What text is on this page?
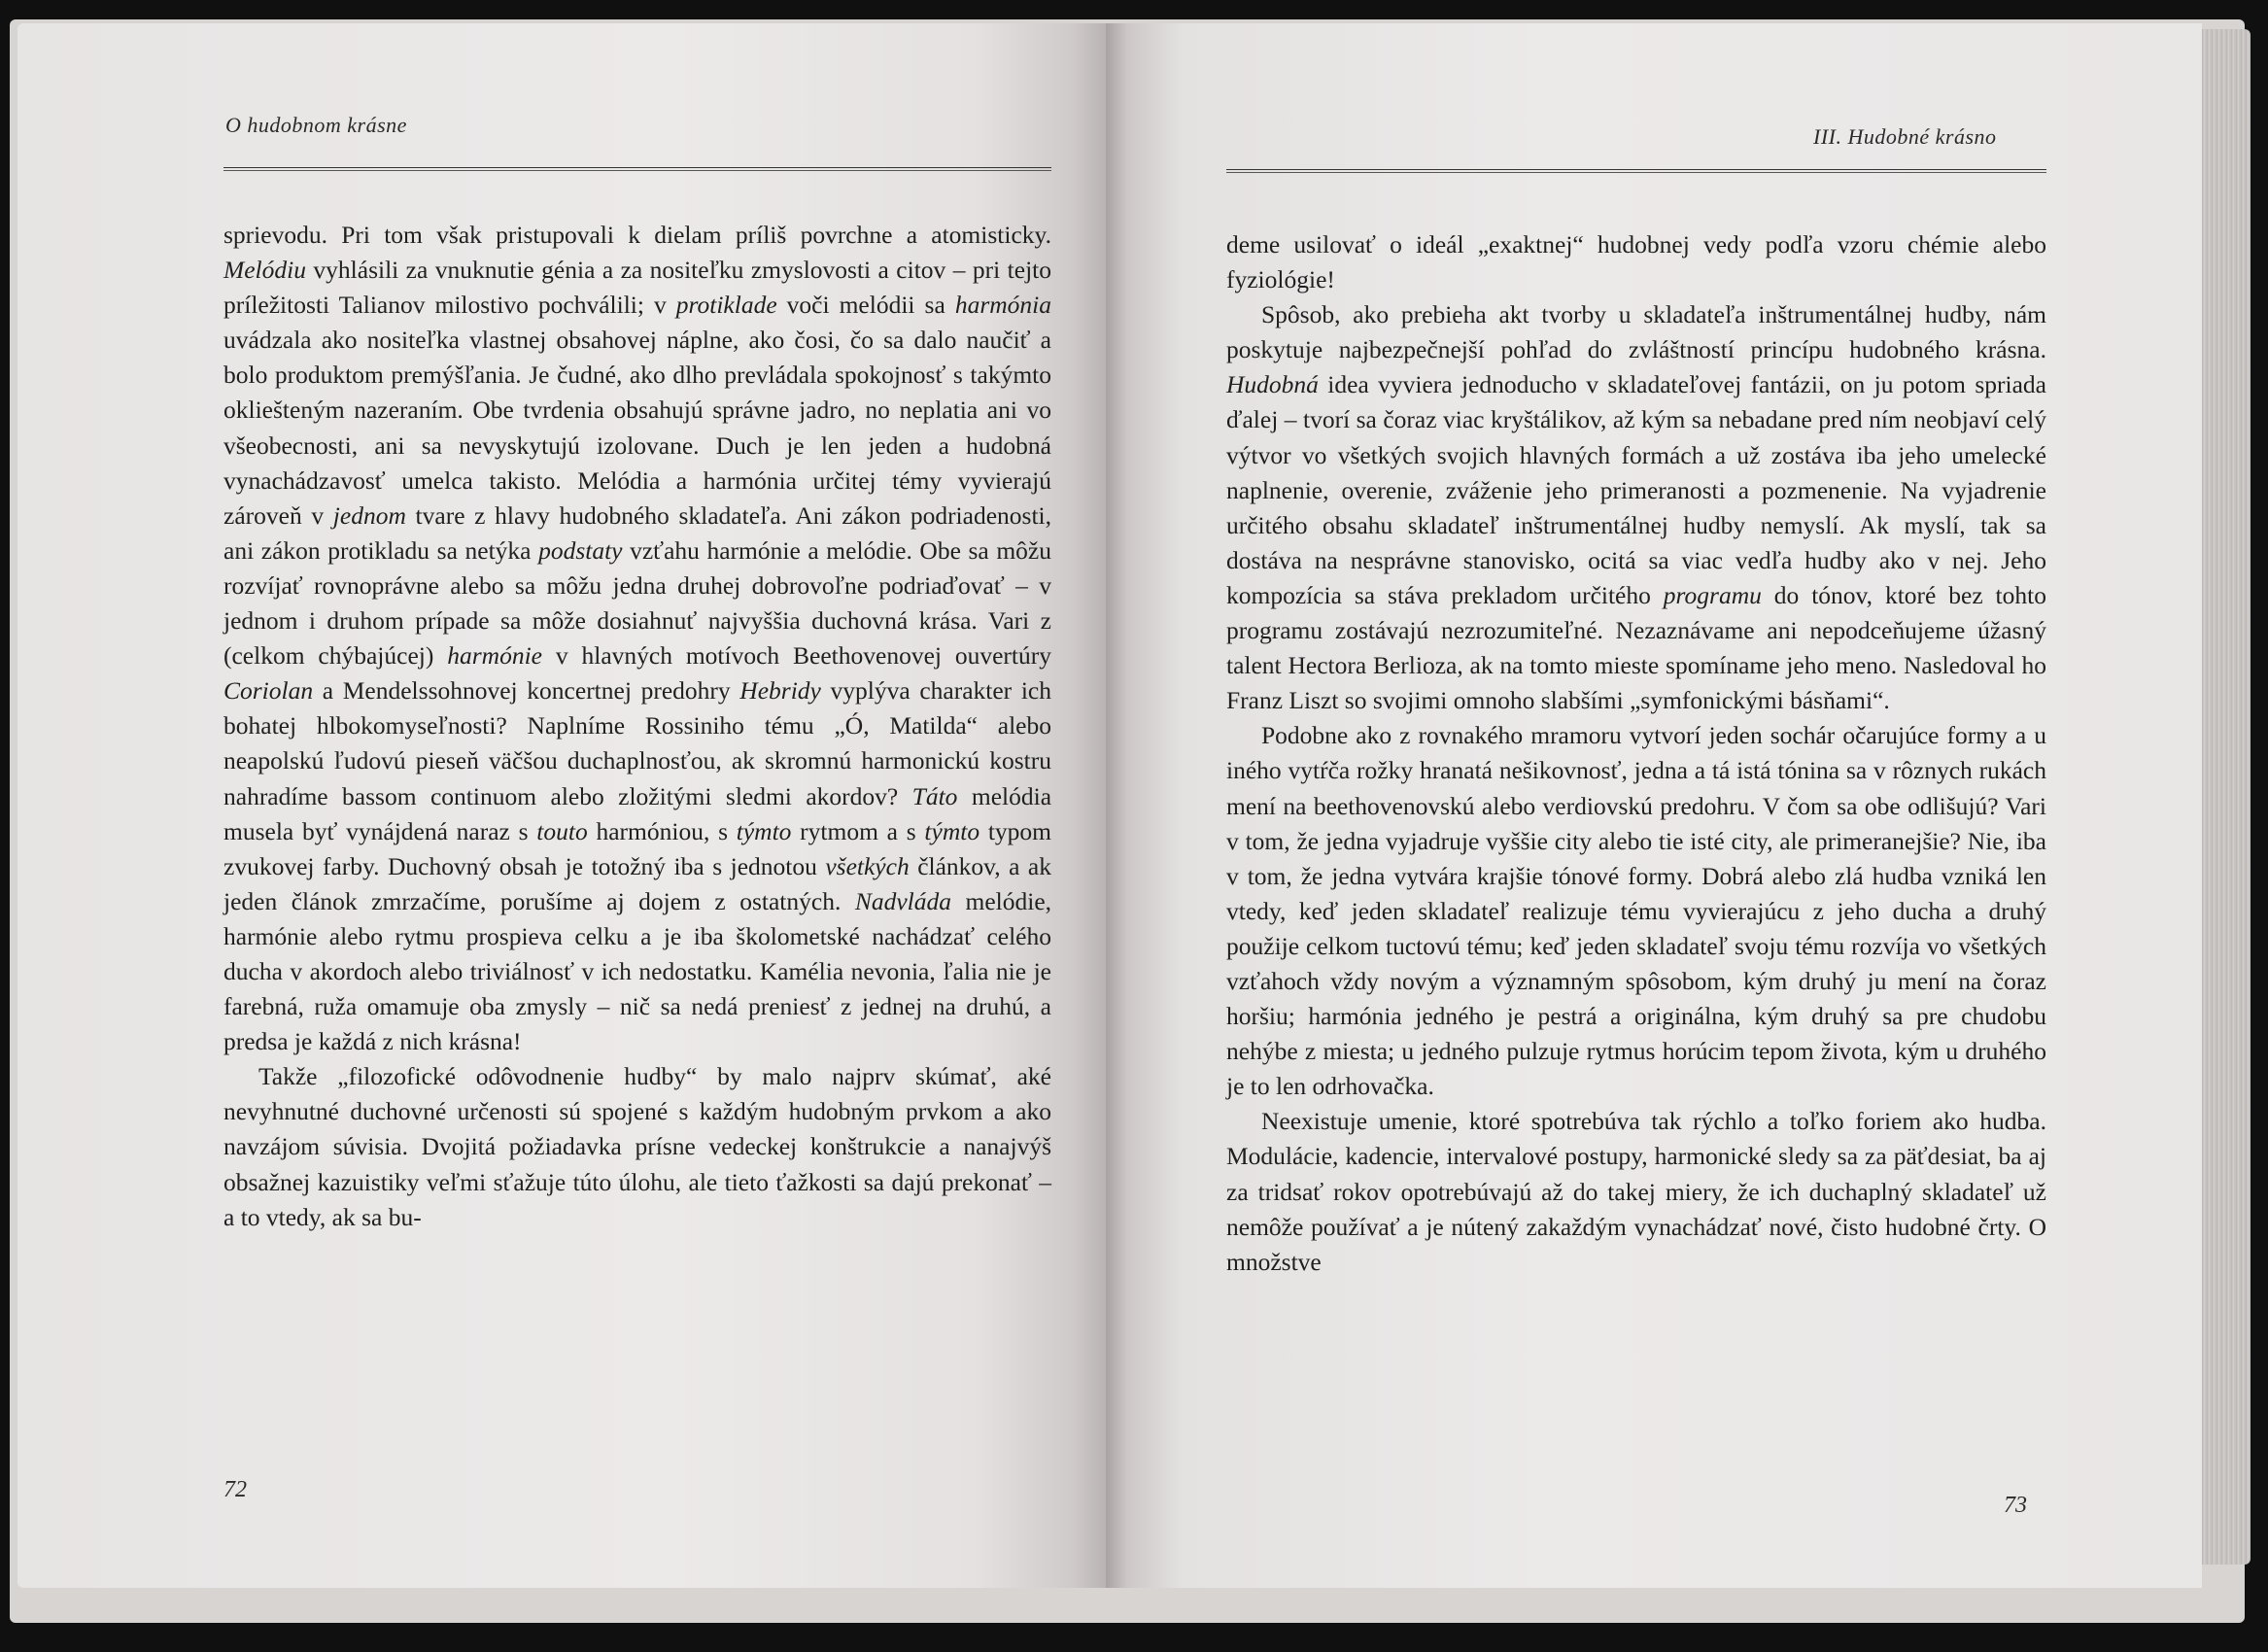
O hudobnom krásne

sprievodu. Pri tom však pristupovali k dielam príliš povrchne a atomisticky. Melódiu vyhlásili za vnuknutie génia a za nositeľku zmyslovosti a citov – pri tejto príležitosti Talianov milostivo pochválili; v protiklade voči melódii sa harmónia uvádzala ako nositeľka vlastnej obsahovej náplne, ako čosi, čo sa dalo naučiť a bolo produktom premýšľania. Je čudné, ako dlho prevládala spokojnosť s takýmto okliešteným nazeraním. Obe tvrdenia obsahujú správne jadro, no neplatia ani vo všeobecnosti, ani sa nevyskytujú izolovane. Duch je len jeden a hudobná vynachádzavosť umelca takisto. Melódia a harmónia určitej témy vyvierajú zároveň v jednom tvare z hlavy hudobného skladateľa. Ani zákon podriadenosti, ani zákon protikladu sa netýka podstaty vzťahu harmónie a melódie. Obe sa môžu rozvíjať rovnoprávne alebo sa môžu jedna druhej dobrovoľne podriaďovať – v jednom i druhom prípade sa môže dosiahnuť najvyššia duchovná krása. Vari z (celkom chýbajúcej) harmónie v hlavných motívoch Beethovenovej ouvertúry Coriolan a Mendelssohnovej koncertnej predohry Hebridy vyplýva charakter ich bohatej hlbokomyseľnosti? Naplníme Rossiniho tému „Ó, Matilda“ alebo neapolskú ľudovú pieseň väčšou duchaplnosťou, ak skromnú harmonickú kostru nahradíme bassom continuom alebo zložitými sledmi akordov? Táto melódia musela byť vynájdená naraz s touto harmóniou, s týmto rytmom a s týmto typom zvukovej farby. Duchovný obsah je totožný iba s jednotou všetkých článkov, a ak jeden článok zmrzačíme, porušíme aj dojem z ostatných. Nadvláda melódie, harmónie alebo rytmu prospieva celku a je iba školometské nachádzať celého ducha v akordoch alebo triviálnosť v ich nedostatku. Kamélia nevonia, ľalia nie je farebná, ruža omamuje oba zmysly – nič sa nedá preniesť z jednej na druhú, a predsa je každá z nich krásna!

Takže „filozofické odôvodnenie hudby“ by malo najprv skúmať, aké nevyhnutné duchovné určenosti sú spojené s každým hudobným prvkom a ako navzájom súvisia. Dvojitá požiadavka prísne vedeckej konštrukcie a nanajvýš obsažnej kazuistiky veľmi sťažuje túto úlohu, ale tieto ťažkosti sa dajú prekonať – a to vtedy, ak sa bu-

72
III. Hudobné krásno

deme usilovať o ideál „exaktnej“ hudobnej vedy podľa vzoru chémie alebo fyziológie!

Spôsob, ako prebieha akt tvorby u skladateľa inštrumentálnej hudby, nám poskytuje najbezpečnejší pohľad do zvláštností princípu hudobného krásna. Hudobná idea vyviera jednoducho v skladateľovej fantázii, on ju potom spriada ďalej – tvorí sa čoraz viac kryštálikov, až kým sa nebadane pred ním neobjaví celý výtvor vo všetkých svojich hlavných formách a už zostáva iba jeho umelecké naplnenie, overenie, zváženie jeho primeranosti a pozmenenie. Na vyjadrenie určitého obsahu skladateľ inštrumentálnej hudby nemyslí. Ak myslí, tak sa dostáva na nesprávne stanovisko, ocitá sa viac vedľa hudby ako v nej. Jeho kompozícia sa stáva prekladom určitého programu do tónov, ktoré bez tohto programu zostávajú nezrozumiteľné. Nezaznávame ani nepodceňujeme úžasný talent Hectora Berlioza, ak na tomto mieste spomíname jeho meno. Nasledoval ho Franz Liszt so svojimi omnoho slabšími „symfonickými básňami“.

Podobne ako z rovnakého mramoru vytvorí jeden sochár očarujúce formy a u iného vytŕča rožky hranatá nešikovnosť, jedna a tá istá tónina sa v rôznych rukách mení na beethovenovskú alebo verdiovskú predohru. V čom sa obe odlišujú? Vari v tom, že jedna vyjadruje vyššie city alebo tie isté city, ale primeranejšie? Nie, iba v tom, že jedna vytvára krajšie tónové formy. Dobrá alebo zlá hudba vzniká len vtedy, keď jeden skladateľ realizuje tému vyvierajúcu z jeho ducha a druhý použije celkom tuctovú tému; keď jeden skladateľ svoju tému rozvíja vo všetkých vzťahoch vždy novým a významným spôsobom, kým druhý ju mení na čoraz horšiu; harmónia jedného je pestrá a originálna, kým druhý sa pre chudobu nehýbe z miesta; u jedného pulzuje rytmus horúcim tepom života, kým u druhého je to len odrhovačka.

Neexistuje umenie, ktoré spotrebúva tak rýchlo a toľko foriem ako hudba. Modulácie, kadencie, intervalové postupy, harmonické sledy sa za päťdesiat, ba aj za tridsať rokov opotrebúvajú až do takej miery, že ich duchaplný skladateľ už nemôže používať a je nútený zakaždým vynachádzať nové, čisto hudobné črty. O množstve

73
